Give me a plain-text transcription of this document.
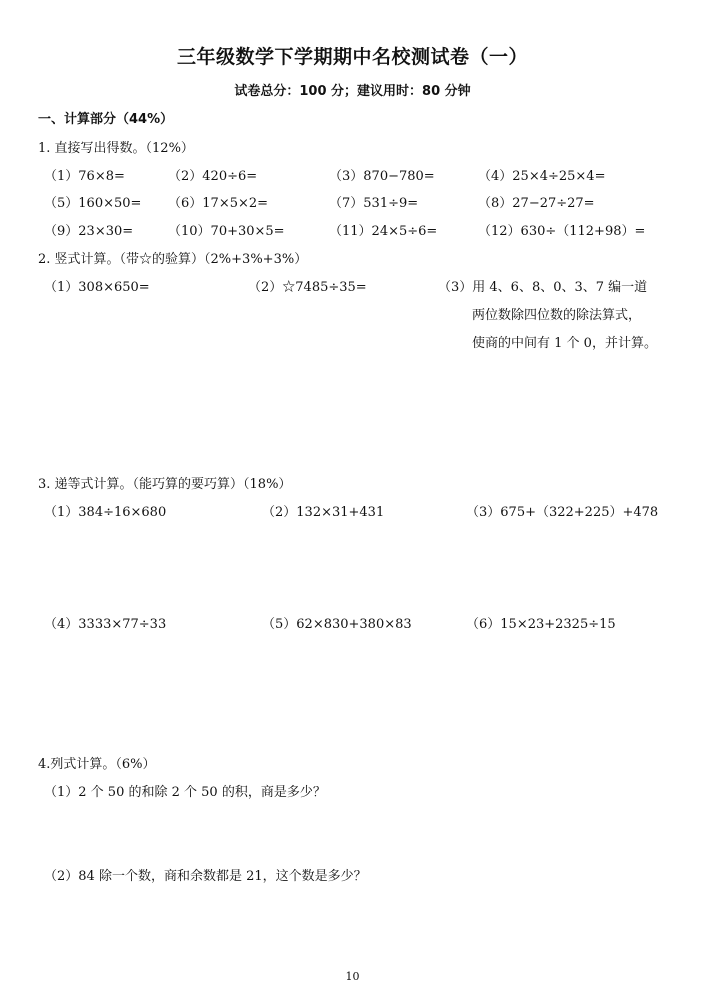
三年级数学下学期期中名校测试卷（一）
试卷总分：100 分；建议用时：80 分钟
一、计算部分（44%）
1. 直接写出得数。（12%）
（1）76×8=	（2）420÷6=	（3）870−780=	（4）25×4÷25×4=
（5）160×50= （6）17×5×2=	（7）531÷9=	（8）27−27÷27=
（9）23×30=	（10）70+30×5=	（11）24×5÷6=	（12）630÷（112+98）=
2. 竖式计算。（带☆的验算）（2%+3%+3%）
（1）308×650=	（2）☆7485÷35=	（3）用 4、6、8、0、3、7 编一道
两位数除四位数的除法算式，
使商的中间有 1 个 0，并计算。
3. 递等式计算。（能巧算的要巧算）（18%）
（1）384÷16×680	（2）132×31+431	（3）675+（322+225）+478
（4）3333×77÷33	（5）62×830+380×83	（6）15×23+2325÷15
4.列式计算。（6%）
（1）2 个 50 的和除 2 个 50 的积，商是多少？
（2）84 除一个数，商和余数都是 21，这个数是多少？
10
